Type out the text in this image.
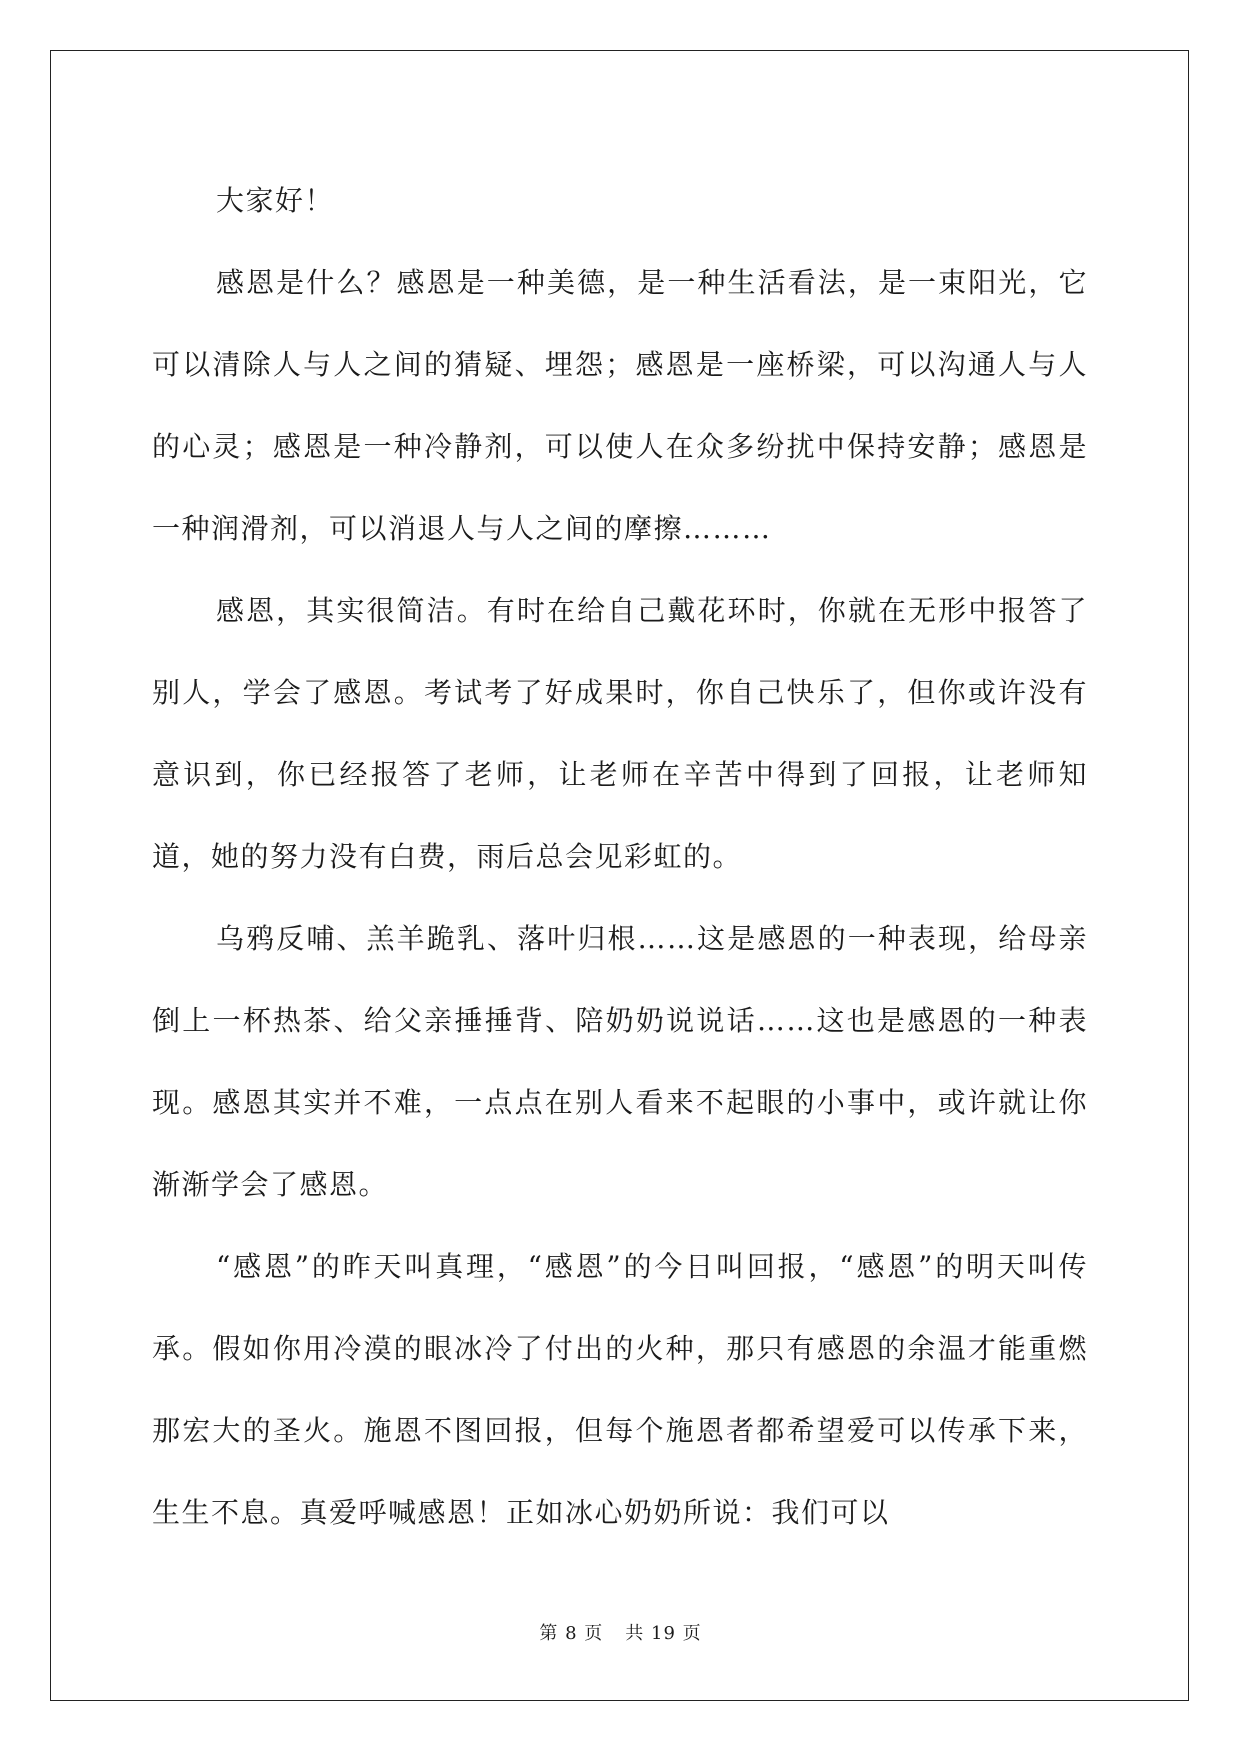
大家好！

感恩是什么？感恩是一种美德，是一种生活看法，是一束阳光，它可以清除人与人之间的猜疑、埋怨；感恩是一座桥梁，可以沟通人与人的心灵；感恩是一种冷静剂，可以使人在众多纷扰中保持安静；感恩是一种润滑剂，可以消退人与人之间的摩擦………

感恩，其实很简洁。有时在给自己戴花环时，你就在无形中报答了别人，学会了感恩。考试考了好成果时，你自己快乐了，但你或许没有意识到，你已经报答了老师，让老师在辛苦中得到了回报，让老师知道，她的努力没有白费，雨后总会见彩虹的。

乌鸦反哺、羔羊跪乳、落叶归根……这是感恩的一种表现，给母亲倒上一杯热茶、给父亲捶捶背、陪奶奶说说话……这也是感恩的一种表现。感恩其实并不难，一点点在别人看来不起眼的小事中，或许就让你渐渐学会了感恩。

“感恩”的昨天叫真理，“感恩”的今日叫回报，“感恩”的明天叫传承。假如你用冷漠的眼冰冷了付出的火种，那只有感恩的余温才能重燃那宏大的圣火。施恩不图回报，但每个施恩者都希望爱可以传承下来，生生不息。真爱呼喊感恩！正如冰心奶奶所说：我们可以

第 8 页 共 19 页
